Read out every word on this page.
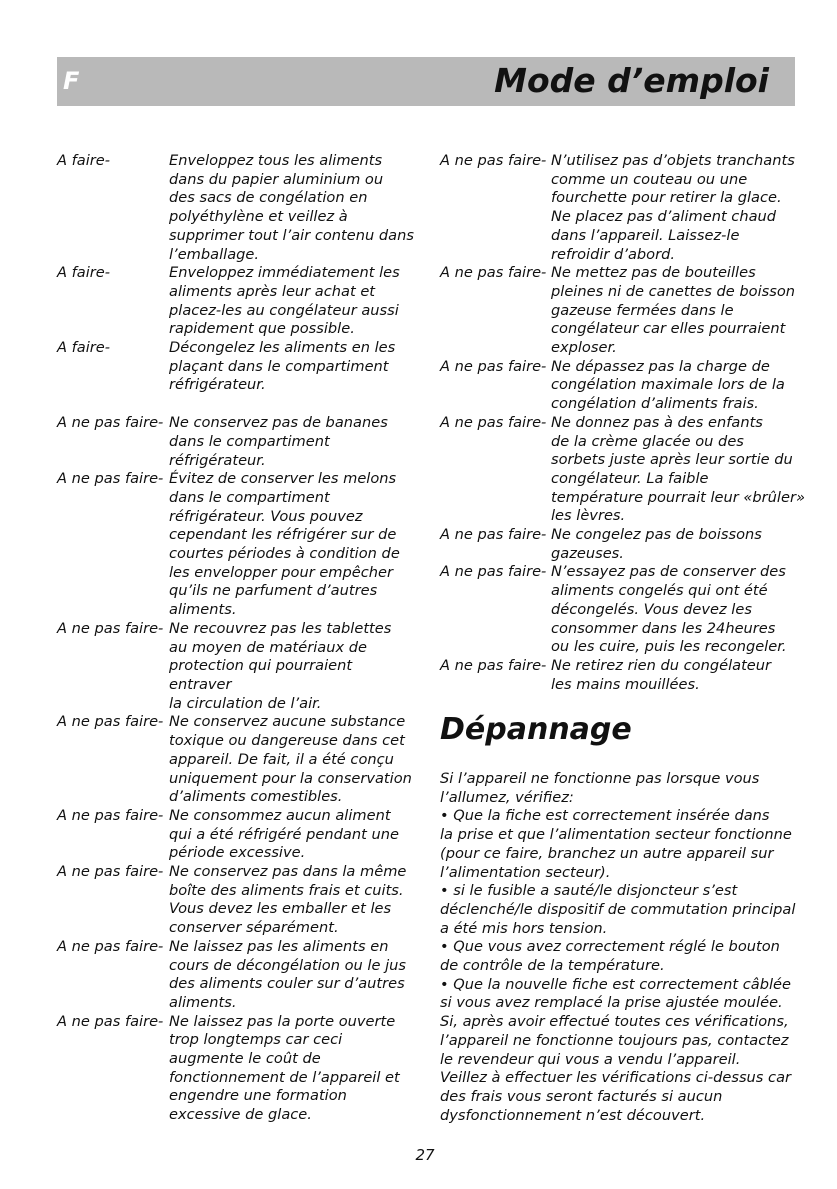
F	Mode d’emploi
A faire-	Enveloppez tous les aliments
dans du papier aluminium ou
des sacs de congélation en
polyéthylène et veillez à
supprimer tout l’air contenu dans
l’emballage.
A faire-	Enveloppez immédiatement les
aliments après leur achat et
placez-les au congélateur aussi
rapidement que possible.
A faire-	Décongelez les aliments en les
plaçant dans le compartiment
réfrigérateur.
A ne pas faire- Ne conservez pas de bananes
dans le compartiment
réfrigérateur.
A ne pas faire- Évitez de conserver les melons
dans le compartiment
réfrigérateur. Vous pouvez
cependant les réfrigérer sur de
courtes périodes à condition de
les envelopper pour empêcher
qu’ils ne parfument d’autres
aliments.
A ne pas faire- Ne recouvrez pas les tablettes
au moyen de matériaux de
protection qui pourraient entraver
la circulation de l’air.
A ne pas faire- Ne conservez aucune substance
toxique ou dangereuse dans cet
appareil. De fait, il a été conçu
uniquement pour la conservation
d’aliments comestibles.
A ne pas faire- Ne consommez aucun aliment
qui a été réfrigéré pendant une
période excessive.
A ne pas faire- Ne conservez pas dans la même
boîte des aliments frais et cuits.
Vous devez les emballer et les
conserver séparément.
A ne pas faire- Ne laissez pas les aliments en
cours de décongélation ou le jus
des aliments couler sur d’autres
aliments.
A ne pas faire- Ne laissez pas la porte ouverte
trop longtemps car ceci
augmente le coût de
fonctionnement de l’appareil et
engendre une formation
excessive de glace.
A ne pas faire- N’utilisez pas d’objets tranchants
comme un couteau ou une
fourchette pour retirer la glace.
Ne placez pas d’aliment chaud
dans l’appareil. Laissez-le
refroidir d’abord.
A ne pas faire- Ne mettez pas de bouteilles
pleines ni de canettes de boisson
gazeuse fermées dans le
congélateur car elles pourraient
exploser.
A ne pas faire- Ne dépassez pas la charge de
congélation maximale lors de la
congélation d’aliments frais.
A ne pas faire- Ne donnez pas à des enfants
de la crème glacée ou des
sorbets juste après leur sortie du
congélateur. La faible
température pourrait leur «brûler»
les lèvres.
A ne pas faire- Ne congelez pas de boissons
gazeuses.
A ne pas faire- N’essayez pas de conserver des
aliments congelés qui ont été
décongelés. Vous devez les
consommer dans les 24heures
ou les cuire, puis les recongeler.
A ne pas faire- Ne retirez rien du congélateur
les mains mouillées.
Dépannage

Si l’appareil ne fonctionne pas lorsque vous
l’allumez, vérifiez:

• Que la fiche est correctement insérée dans
la prise et que l’alimentation secteur fonctionne
(pour ce faire, branchez un autre appareil sur
l’alimentation secteur).

• si le fusible a sauté/le disjoncteur s’est
déclenché/le dispositif de commutation principal
a été mis hors tension.

• Que vous avez correctement réglé le bouton
de contrôle de la température.

• Que la nouvelle fiche est correctement câblée
si vous avez remplacé la prise ajustée moulée.
Si, après avoir effectué toutes ces vérifications,
l’appareil ne fonctionne toujours pas, contactez
le revendeur qui vous a vendu l’appareil.
Veillez à effectuer les vérifications ci-dessus car
des frais vous seront facturés si aucun
dysfonctionnement n’est découvert.

27
